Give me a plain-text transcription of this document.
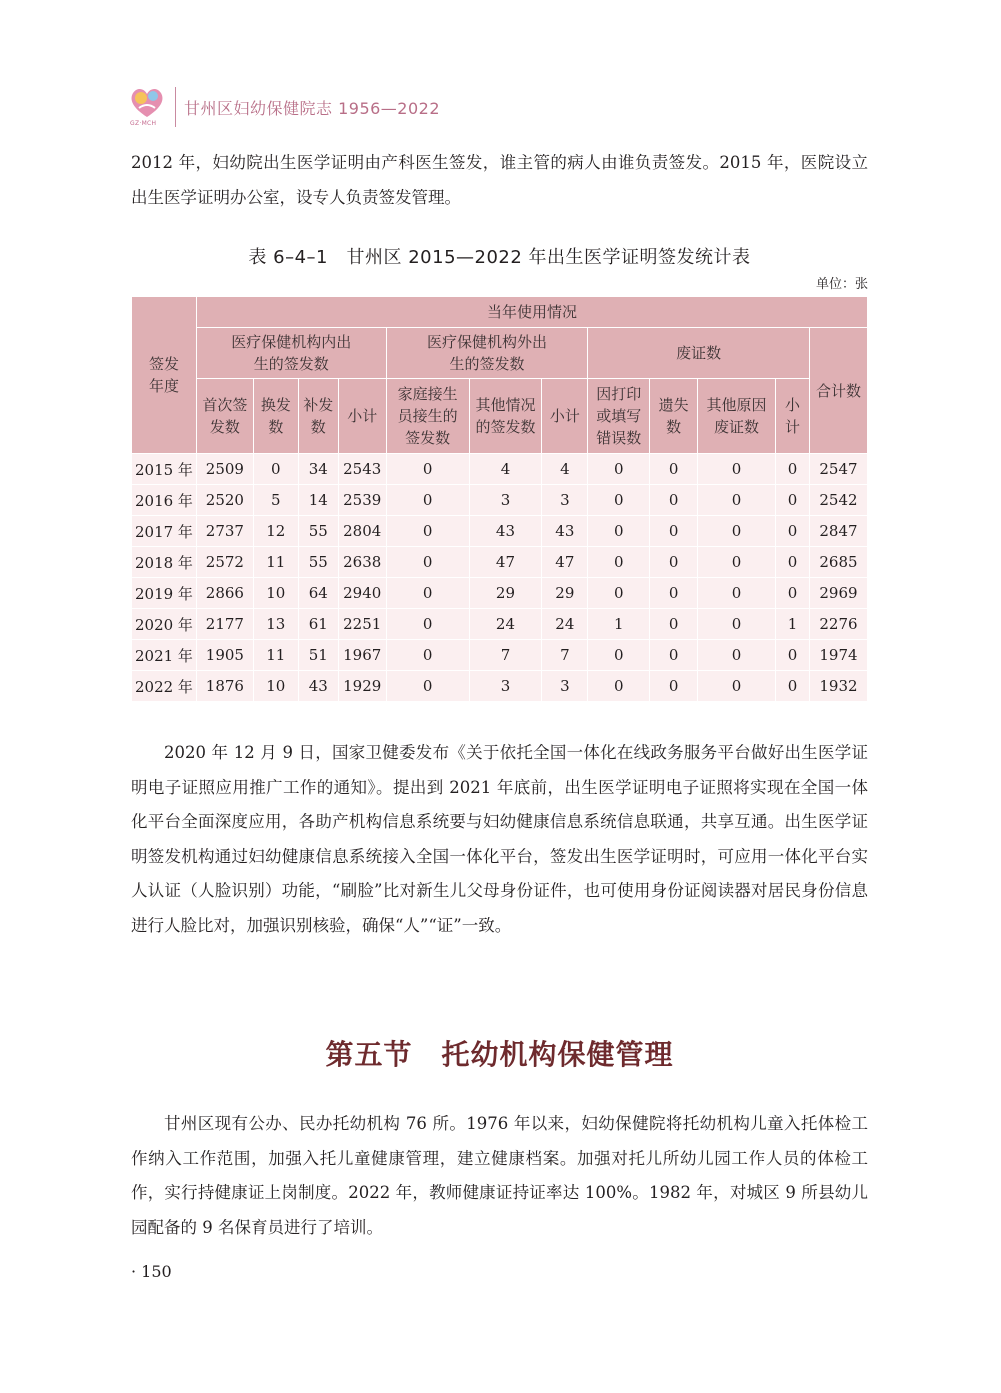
GZ·MCH
甘州区妇幼保健院志 1956—2022

2012 年，妇幼院出生医学证明由产科医生签发，谁主管的病人由谁负责签发。2015 年，医院设立出生医学证明办公室，设专人负责签发管理。

表 6–4–1　甘州区 2015—2022 年出生医学证明签发统计表
单位：张
签发年度	当年使用情况											
	医疗保健机构内出生的签发数				医疗保健机构外出生的签发数			废证数				合计数
	首次签发数	换发数	补发数	小计	家庭接生员接生的签发数	其他情况的签发数	小计	因打印或填写错误数	遗失数	其他原因废证数	小计	
2015 年	2509	0	34	2543	0	4	4	0	0	0	0	2547
2016 年	2520	5	14	2539	0	3	3	0	0	0	0	2542
2017 年	2737	12	55	2804	0	43	43	0	0	0	0	2847
2018 年	2572	11	55	2638	0	47	47	0	0	0	0	2685
2019 年	2866	10	64	2940	0	29	29	0	0	0	0	2969
2020 年	2177	13	61	2251	0	24	24	1	0	0	1	2276
2021 年	1905	11	51	1967	0	7	7	0	0	0	0	1974
2022 年	1876	10	43	1929	0	3	3	0	0	0	0	1932

2020 年 12 月 9 日，国家卫健委发布《关于依托全国一体化在线政务服务平台做好出生医学证明电子证照应用推广工作的通知》。提出到 2021 年底前，出生医学证明电子证照将实现在全国一体化平台全面深度应用，各助产机构信息系统要与妇幼健康信息系统信息联通，共享互通。出生医学证明签发机构通过妇幼健康信息系统接入全国一体化平台，签发出生医学证明时，可应用一体化平台实人认证（人脸识别）功能，“刷脸”比对新生儿父母身份证件，也可使用身份证阅读器对居民身份信息进行人脸比对，加强识别核验，确保“人”“证”一致。

第五节　托幼机构保健管理

甘州区现有公办、民办托幼机构 76 所。1976 年以来，妇幼保健院将托幼机构儿童入托体检工作纳入工作范围，加强入托儿童健康管理，建立健康档案。加强对托儿所幼儿园工作人员的体检工作，实行持健康证上岗制度。2022 年，教师健康证持证率达 100%。1982 年，对城区 9 所县幼儿园配备的 9 名保育员进行了培训。

· 150
